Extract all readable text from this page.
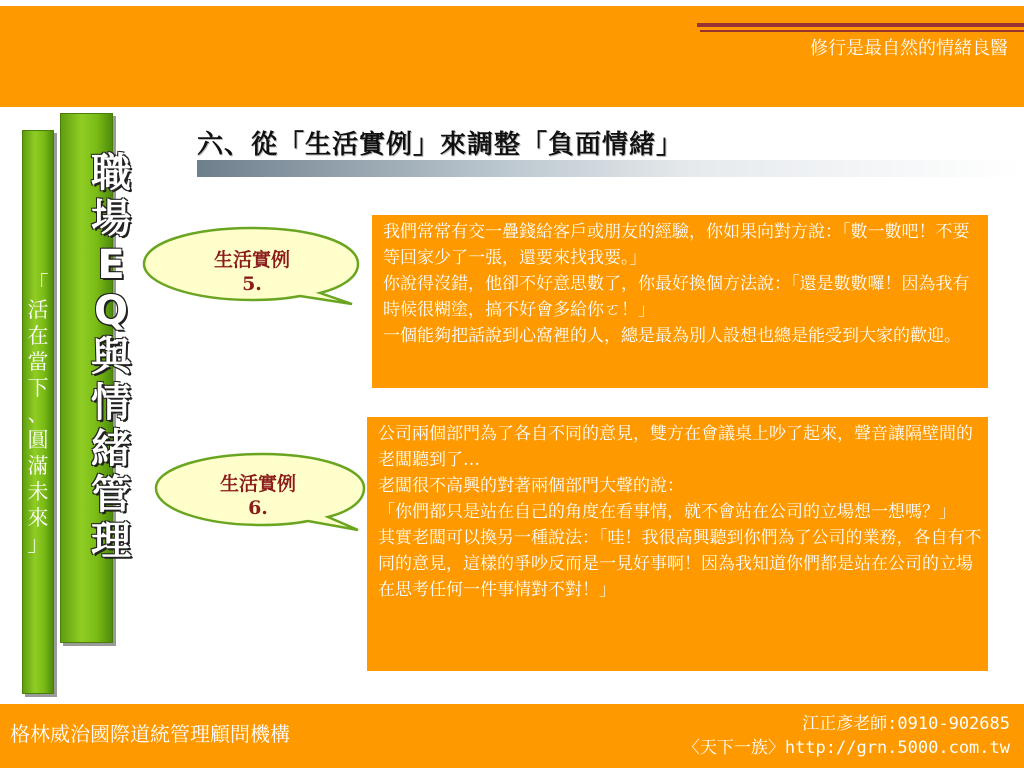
修行是最自然的情緒良醫
「
活
在
當
下
、
圓
滿
未
來
」
職
場
E
Q
與
情
緒
管
理
六、從「生活實例」來調整「負面情緒」
生活實例
5.

我們常常有交一疊錢給客戶或朋友的經驗，你如果向對方說：「數一數吧！不要等回家少了一張，還要來找我要。」

你說得沒錯，他卻不好意思數了，你最好換個方法說：「還是數數囉！因為我有時候很糊塗，搞不好會多給你ㄛ！」

一個能夠把話說到心窩裡的人，總是最為別人設想也總是能受到大家的歡迎。

生活實例
6.

公司兩個部門為了各自不同的意見，雙方在會議桌上吵了起來，聲音讓隔壁間的老闆聽到了…

老闆很不高興的對著兩個部門大聲的說：

「你們都只是站在自己的角度在看事情，就不會站在公司的立場想一想嗎？」

其實老闆可以換另一種說法：「哇！我很高興聽到你們為了公司的業務，各自有不同的意見，這樣的爭吵反而是一見好事啊！因為我知道你們都是站在公司的立場在思考任何一件事情對不對！」

格林威治國際道統管理顧問機構	江正彥老師:0910-902685
〈天下一族〉http://grn.5000.com.tw
